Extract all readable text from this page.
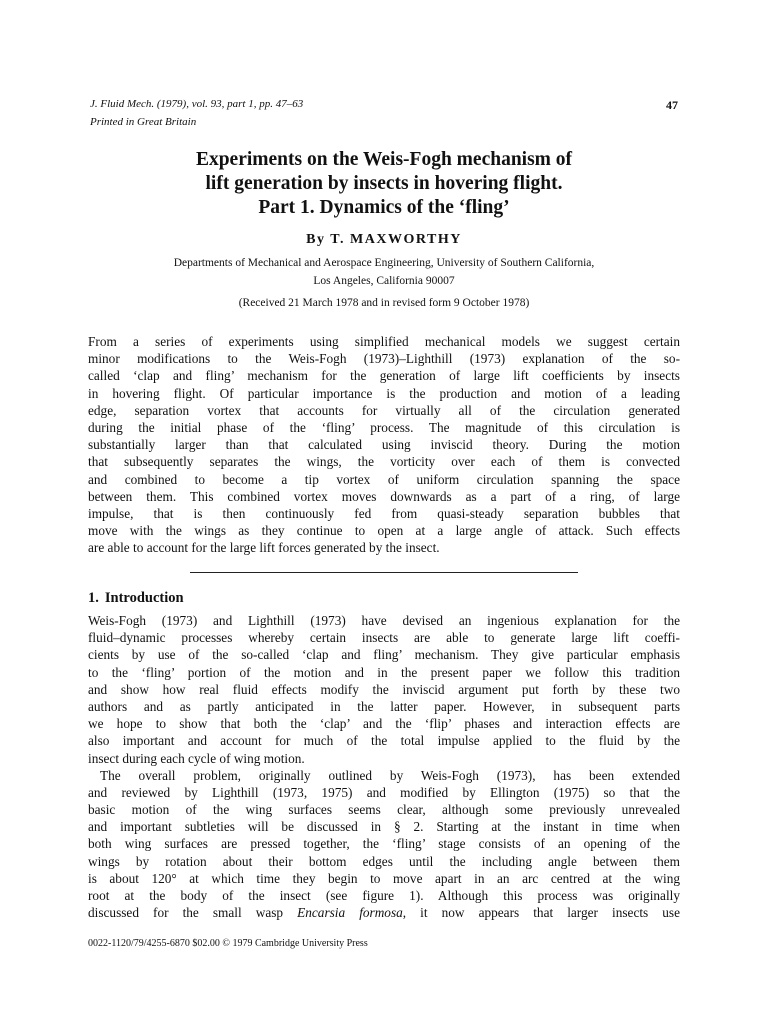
J. Fluid Mech. (1979), vol. 93, part 1, pp. 47–63
Printed in Great Britain
47
Experiments on the Weis-Fogh mechanism of
lift generation by insects in hovering flight.
Part 1. Dynamics of the ‘fling’
By T. MAXWORTHY
Departments of Mechanical and Aerospace Engineering, University of Southern California,
Los Angeles, California 90007
(Received 21 March 1978 and in revised form 9 October 1978)
From a series of experiments using simplified mechanical models we suggest certain
minor modifications to the Weis-Fogh (1973)–Lighthill (1973) explanation of the so-
called ‘clap and fling’ mechanism for the generation of large lift coefficients by insects
in hovering flight. Of particular importance is the production and motion of a leading
edge, separation vortex that accounts for virtually all of the circulation generated
during the initial phase of the ‘fling’ process. The magnitude of this circulation is
substantially larger than that calculated using inviscid theory. During the motion
that subsequently separates the wings, the vorticity over each of them is convected
and combined to become a tip vortex of uniform circulation spanning the space
between them. This combined vortex moves downwards as a part of a ring, of large
impulse, that is then continuously fed from quasi-steady separation bubbles that
move with the wings as they continue to open at a large angle of attack. Such effects
are able to account for the large lift forces generated by the insect.
1. Introduction
Weis-Fogh (1973) and Lighthill (1973) have devised an ingenious explanation for the
fluid–dynamic processes whereby certain insects are able to generate large lift coeffi-
cients by use of the so-called ‘clap and fling’ mechanism. They give particular emphasis
to the ‘fling’ portion of the motion and in the present paper we follow this tradition
and show how real fluid effects modify the inviscid argument put forth by these two
authors and as partly anticipated in the latter paper. However, in subsequent parts
we hope to show that both the ‘clap’ and the ‘flip’ phases and interaction effects are
also important and account for much of the total impulse applied to the fluid by the
insect during each cycle of wing motion.
The overall problem, originally outlined by Weis-Fogh (1973), has been extended
and reviewed by Lighthill (1973, 1975) and modified by Ellington (1975) so that the
basic motion of the wing surfaces seems clear, although some previously unrevealed
and important subtleties will be discussed in § 2. Starting at the instant in time when
both wing surfaces are pressed together, the ‘fling’ stage consists of an opening of the
wings by rotation about their bottom edges until the including angle between them
is about 120° at which time they begin to move apart in an arc centred at the wing
root at the body of the insect (see figure 1). Although this process was originally
discussed for the small wasp Encarsia formosa, it now appears that larger insects use
0022-1120/79/4255-6870 $02.00 © 1979 Cambridge University Press
